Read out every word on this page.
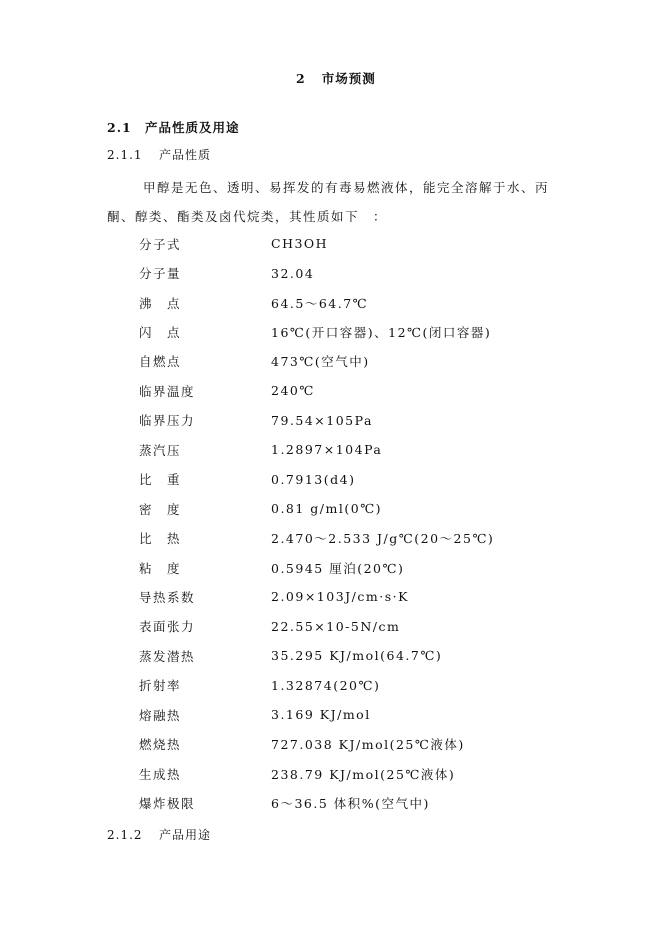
2 市场预测
2.1 产品性质及用途
2.1.1 产品性质
甲醇是无色、透明、易挥发的有毒易燃液体，能完全溶解于水、丙酮、醇类、酯类及卤代烷类，其性质如下　：
分子式	CH3OH
分子量	32.04
沸　点	64.5～64.7℃
闪　点	16℃(开口容器)、12℃(闭口容器)
自燃点	473℃(空气中)
临界温度	240℃
临界压力	79.54×105Pa
蒸汽压	1.2897×104Pa
比　重	0.7913(d4)
密　度	0.81 g/ml(0℃)
比　热	2.470～2.533 J/g℃(20～25℃)
粘　度	0.5945 厘泊(20℃)
导热系数	2.09×103J/cm·s·K
表面张力	22.55×10-5N/cm
蒸发潜热	35.295 KJ/mol(64.7℃)
折射率	1.32874(20℃)
熔融热	3.169 KJ/mol
燃烧热	727.038 KJ/mol(25℃液体)
生成热	238.79 KJ/mol(25℃液体)
爆炸极限	6～36.5 体积%(空气中)
2.1.2 产品用途
